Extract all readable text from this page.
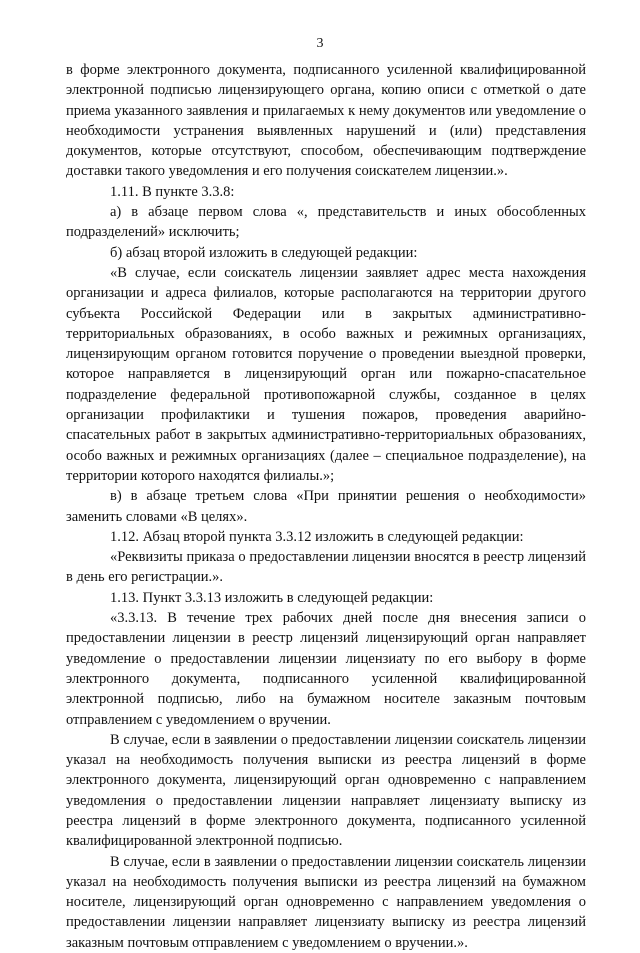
3

в форме электронного документа, подписанного усиленной квалифицированной электронной подписью лицензирующего органа, копию описи с отметкой о дате приема указанного заявления и прилагаемых к нему документов или уведомление о необходимости устранения выявленных нарушений и (или) представления документов, которые отсутствуют, способом, обеспечивающим подтверждение доставки такого уведомления и его получения соискателем лицензии.».

1.11. В пункте 3.3.8:

а) в абзаце первом слова «, представительств и иных обособленных подразделений» исключить;

б) абзац второй изложить в следующей редакции:

«В случае, если соискатель лицензии заявляет адрес места нахождения организации и адреса филиалов, которые располагаются на территории другого субъекта Российской Федерации или в закрытых административно-территориальных образованиях, в особо важных и режимных организациях, лицензирующим органом готовится поручение о проведении выездной проверки, которое направляется в лицензирующий орган или пожарно-спасательное подразделение федеральной противопожарной службы, созданное в целях организации профилактики и тушения пожаров, проведения аварийно-спасательных работ в закрытых административно-территориальных образованиях, особо важных и режимных организациях (далее – специальное подразделение), на территории которого находятся филиалы.»;

в) в абзаце третьем слова «При принятии решения о необходимости» заменить словами «В целях».

1.12. Абзац второй пункта 3.3.12 изложить в следующей редакции:

«Реквизиты приказа о предоставлении лицензии вносятся в реестр лицензий в день его регистрации.».

1.13. Пункт 3.3.13 изложить в следующей редакции:

«3.3.13. В течение трех рабочих дней после дня внесения записи о предоставлении лицензии в реестр лицензий лицензирующий орган направляет уведомление о предоставлении лицензии лицензиату по его выбору в форме электронного документа, подписанного усиленной квалифицированной электронной подписью, либо на бумажном носителе заказным почтовым отправлением с уведомлением о вручении.

В случае, если в заявлении о предоставлении лицензии соискатель лицензии указал на необходимость получения выписки из реестра лицензий в форме электронного документа, лицензирующий орган одновременно с направлением уведомления о предоставлении лицензии направляет лицензиату выписку из реестра лицензий в форме электронного документа, подписанного усиленной квалифицированной электронной подписью.

В случае, если в заявлении о предоставлении лицензии соискатель лицензии указал на необходимость получения выписки из реестра лицензий на бумажном носителе, лицензирующий орган одновременно с направлением уведомления о предоставлении лицензии направляет лицензиату выписку из реестра лицензий заказным почтовым отправлением с уведомлением о вручении.».
